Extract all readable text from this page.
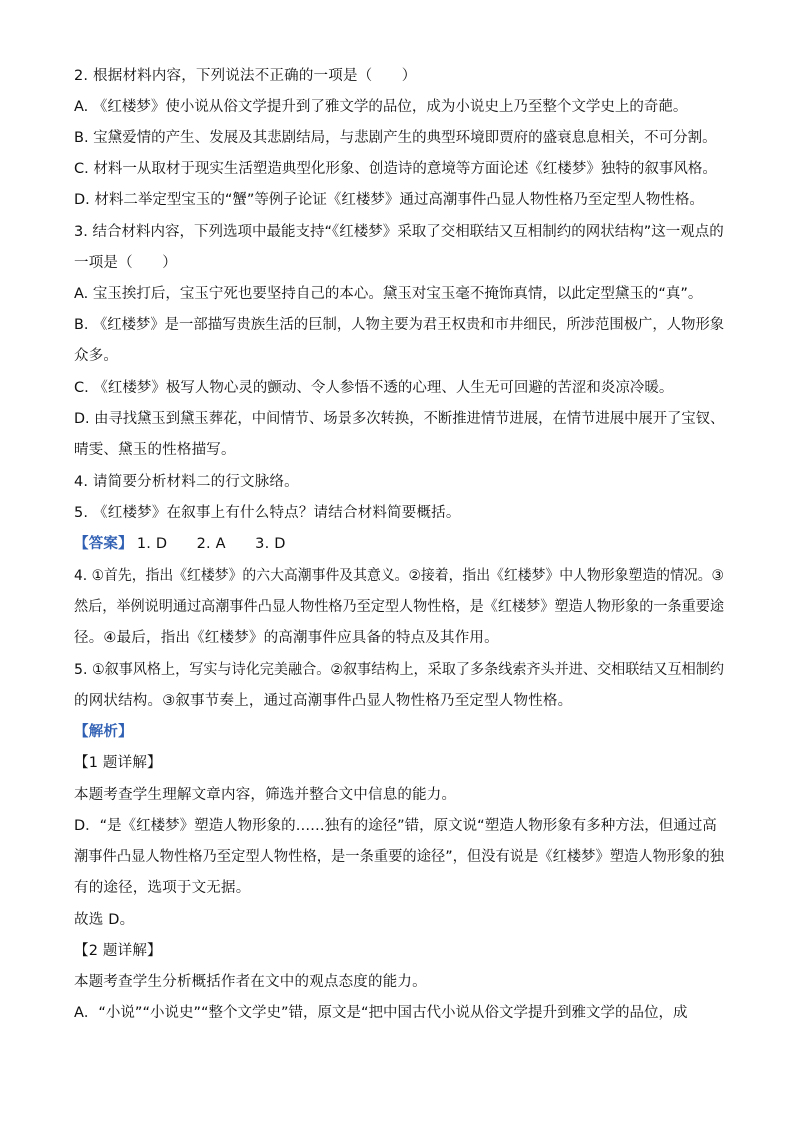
2. 根据材料内容，下列说法不正确的一项是（　　）
A. 《红楼梦》使小说从俗文学提升到了雅文学的品位，成为小说史上乃至整个文学史上的奇葩。
B. 宝黛爱情的产生、发展及其悲剧结局，与悲剧产生的典型环境即贾府的盛衰息息相关，不可分割。
C. 材料一从取材于现实生活塑造典型化形象、创造诗的意境等方面论述《红楼梦》独特的叙事风格。
D. 材料二举定型宝玉的“蟹”等例子论证《红楼梦》通过高潮事件凸显人物性格乃至定型人物性格。
3. 结合材料内容，下列选项中最能支持“《红楼梦》采取了交相联结又互相制约的网状结构”这一观点的
一项是（　　）
A. 宝玉挨打后，宝玉宁死也要坚持自己的本心。黛玉对宝玉毫不掩饰真情，以此定型黛玉的“真”。
B. 《红楼梦》是一部描写贵族生活的巨制，人物主要为君王权贵和市井细民，所涉范围极广，人物形象
众多。
C. 《红楼梦》极写人物心灵的颤动、令人参悟不透的心理、人生无可回避的苦涩和炎凉冷暖。
D. 由寻找黛玉到黛玉葬花，中间情节、场景多次转换，不断推进情节进展，在情节进展中展开了宝钗、
晴雯、黛玉的性格描写。
4. 请简要分析材料二的行文脉络。
5. 《红楼梦》在叙事上有什么特点？请结合材料简要概括。
【答案】 1. D　　2. A　　3. D
4. ①首先，指出《红楼梦》的六大高潮事件及其意义。②接着，指出《红楼梦》中人物形象塑造的情况。③
然后，举例说明通过高潮事件凸显人物性格乃至定型人物性格，是《红楼梦》塑造人物形象的一条重要途
径。④最后，指出《红楼梦》的高潮事件应具备的特点及其作用。
5. ①叙事风格上，写实与诗化完美融合。②叙事结构上，采取了多条线索齐头并进、交相联结又互相制约
的网状结构。③叙事节奏上，通过高潮事件凸显人物性格乃至定型人物性格。
【解析】
【1 题详解】
本题考查学生理解文章内容，筛选并整合文中信息的能力。
D．“是《红楼梦》塑造人物形象的……独有的途径”错，原文说“塑造人物形象有多种方法，但通过高
潮事件凸显人物性格乃至定型人物性格，是一条重要的途径”，但没有说是《红楼梦》塑造人物形象的独
有的途径，选项于文无据。
故选 D。
【2 题详解】
本题考查学生分析概括作者在文中的观点态度的能力。
A．“小说”“小说史”“整个文学史”错，原文是“把中国古代小说从俗文学提升到雅文学的品位，成
